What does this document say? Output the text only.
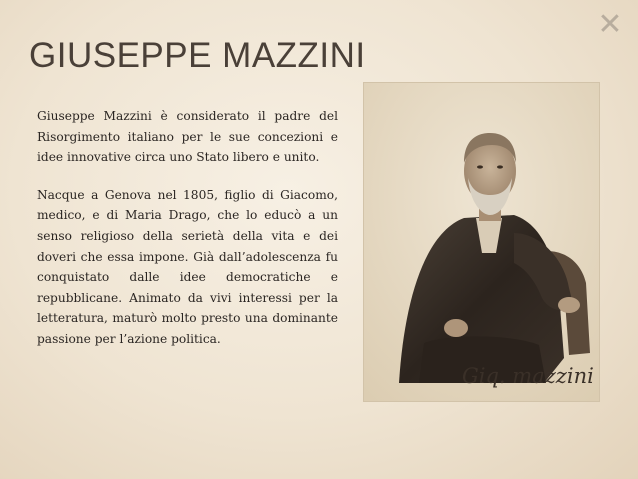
✕
GIUSEPPE MAZZINI

Giuseppe Mazzini è considerato il padre del Risorgimento italiano per le sue concezioni e idee innovative circa uno Stato libero e unito.

Nacque a Genova nel 1805, figlio di Giacomo, medico, e di Maria Drago, che lo educò a un senso religioso della serietà della vita e dei doveri che essa impone. Già dall’adolescenza fu conquistato dalle idee democratiche e repubblicane. Animato da vivi interessi per la letteratura, maturò molto presto una dominante passione per l’azione politica.

Giq. mazzini
